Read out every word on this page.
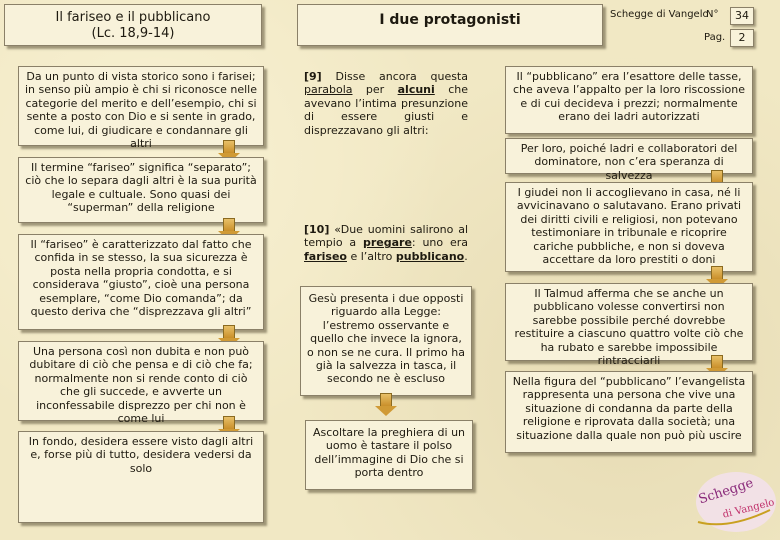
Il fariseo e il pubblicano
(Lc. 18,9-14)
I due protagonisti	Schegge di Vangelo
N°	34
Pag.	2
Da un punto di vista storico sono i farisei; in senso più ampio è chi si riconosce nelle categorie del merito e dell’esempio, chi si sente a posto con Dio e si sente in grado, come lui, di giudicare e condannare gli altri
Il termine “fariseo” significa “separato”; ciò che lo separa dagli altri è la sua purità legale e cultuale. Sono quasi dei “superman” della religione
Il “fariseo” è caratterizzato dal fatto che confida in se stesso, la sua sicurezza è posta nella propria condotta, e si considerava “giusto”, cioè una persona esemplare, “come Dio comanda”; da questo deriva che “disprezzava gli altri”
Una persona così non dubita e non può dubitare di ciò che pensa e di ciò che fa; normalmente non si rende conto di ciò che gli succede, e avverte un inconfessabile disprezzo per chi non è come lui
In fondo, desidera essere visto dagli altri e, forse più di tutto, desidera vedersi da solo
[9] Disse ancora questa parabola per alcuni che avevano l’intima presunzione di essere giusti e disprezzavano gli altri:
[10] «Due uomini salirono al tempio a pregare: uno era fariseo e l’altro pubblicano.
Gesù presenta i due opposti riguardo alla Legge: l’estremo osservante e quello che invece la ignora, o non se ne cura. Il primo ha già la salvezza in tasca, il secondo ne è escluso
Ascoltare la preghiera di un uomo è tastare il polso dell’immagine di Dio che si porta dentro
Il “pubblicano” era l’esattore delle tasse, che aveva l’appalto per la loro riscossione e di cui decideva i prezzi; normalmente erano dei ladri autorizzati
Per loro, poiché ladri e collaboratori del dominatore, non c’era speranza di salvezza
I giudei non li accoglievano in casa, né li avvicinavano o salutavano. Erano privati dei diritti civili e religiosi, non potevano testimoniare in tribunale e ricoprire cariche pubbliche, e non si doveva accettare da loro prestiti o doni
Il Talmud afferma che se anche un pubblicano volesse convertirsi non sarebbe possibile perché dovrebbe restituire a ciascuno quattro volte ciò che ha rubato e sarebbe impossibile rintracciarli
Nella figura del “pubblicano” l’evangelista rappresenta una persona che vive una situazione di condanna da parte della religione e riprovata dalla società; una situazione dalla quale non può più uscire
Schegge
di Vangelo
